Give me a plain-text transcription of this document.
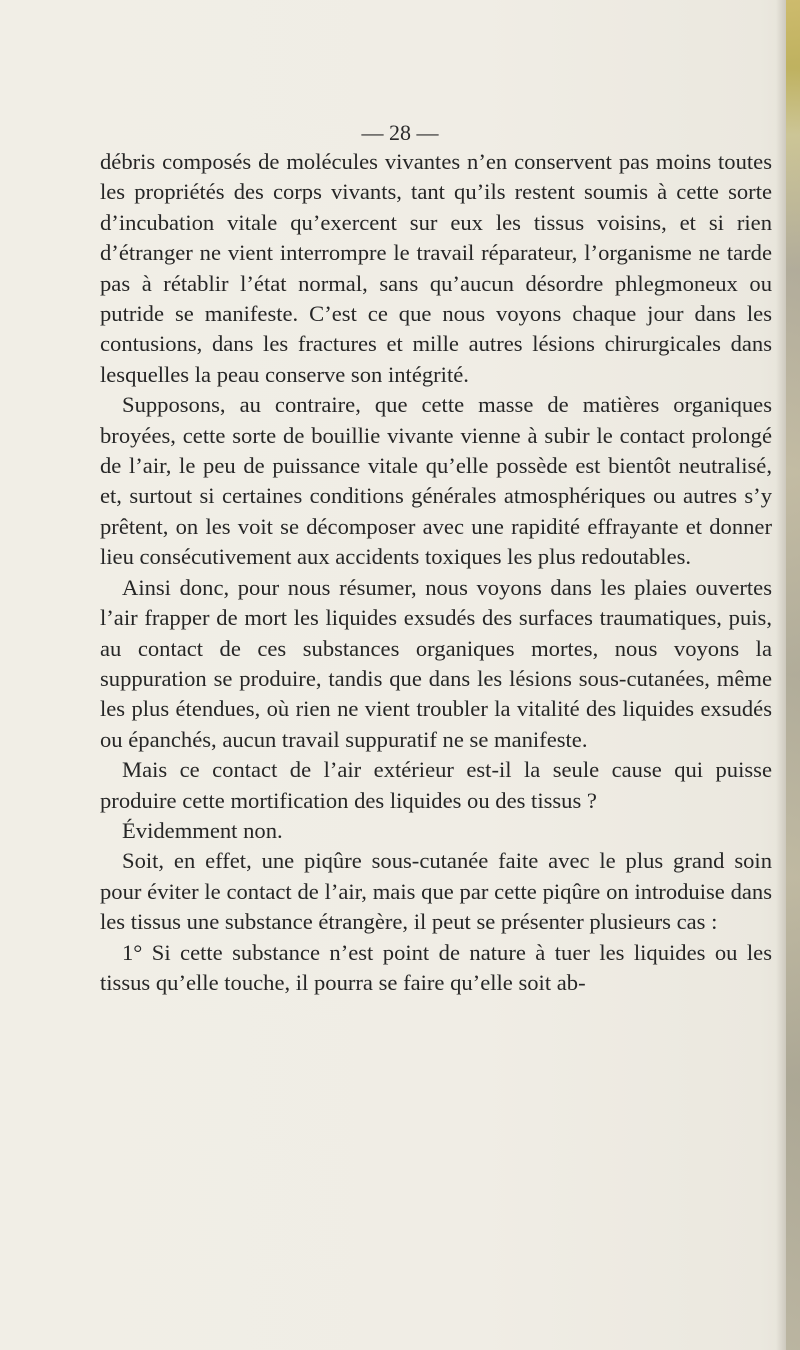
— 28 —

débris composés de molécules vivantes n’en conservent pas moins toutes les propriétés des corps vivants, tant qu’ils restent soumis à cette sorte d’incubation vitale qu’exercent sur eux les tissus voisins, et si rien d’étranger ne vient interrompre le travail réparateur, l’organisme ne tarde pas à rétablir l’état normal, sans qu’aucun désordre phlegmoneux ou putride se manifeste. C’est ce que nous voyons chaque jour dans les contusions, dans les fractures et mille autres lésions chirurgicales dans lesquelles la peau conserve son intégrité.

Supposons, au contraire, que cette masse de matières organiques broyées, cette sorte de bouillie vivante vienne à subir le contact prolongé de l’air, le peu de puissance vitale qu’elle possède est bientôt neutralisé, et, surtout si certaines conditions générales atmosphériques ou autres s’y prêtent, on les voit se décomposer avec une rapidité effrayante et donner lieu consécutivement aux accidents toxiques les plus redoutables.

Ainsi donc, pour nous résumer, nous voyons dans les plaies ouvertes l’air frapper de mort les liquides exsudés des surfaces traumatiques, puis, au contact de ces substances organiques mortes, nous voyons la suppuration se produire, tandis que dans les lésions sous-cutanées, même les plus étendues, où rien ne vient troubler la vitalité des liquides exsudés ou épanchés, aucun travail suppuratif ne se manifeste.

Mais ce contact de l’air extérieur est-il la seule cause qui puisse produire cette mortification des liquides ou des tissus ?

Évidemment non.

Soit, en effet, une piqûre sous-cutanée faite avec le plus grand soin pour éviter le contact de l’air, mais que par cette piqûre on introduise dans les tissus une substance étrangère, il peut se présenter plusieurs cas :

1° Si cette substance n’est point de nature à tuer les liquides ou les tissus qu’elle touche, il pourra se faire qu’elle soit ab-
